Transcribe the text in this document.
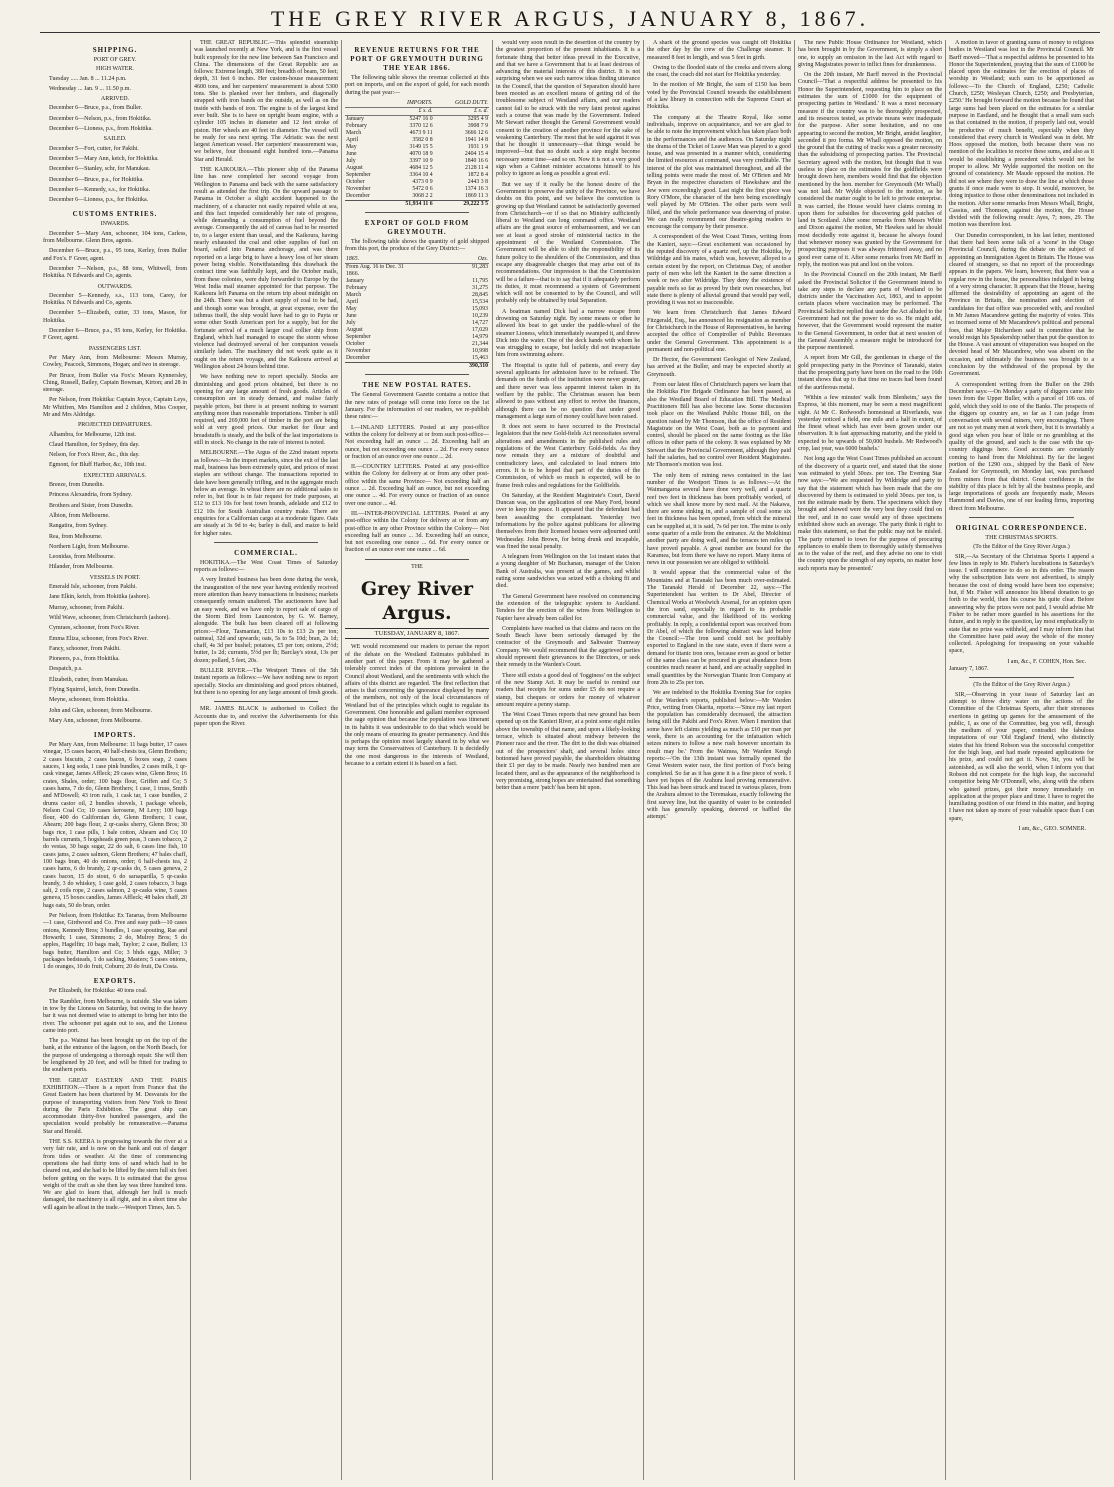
THE GREY RIVER ARGUS, JANUARY 8, 1867.
SHIPPING.
PORT OF GREY.
HIGH WATER.

Tuesday ..... Jan. 8 ... 11.24 p.m.

Wednesday ... Jan. 9 ... 11.50 p.m.

ARRIVED.

December 6—Bruce, p.s., from Buller.

December 6—Nelson, p.s., from Hokitika.

December 6—Lioness, p.s., from Hokitika.

SAILED.

December 5—Fort, cutter, for Pakihi.

December 5—Mary Ann, ketch, for Hokitika.

December 6—Stanley, schr, for Manukau.

December 6—Bruce, p.s., for Hokitika.

December 6—Kennedy, s.s., for Hokitika.

December 6—Lioness, p.s., for Hokitika.

CUSTOMS ENTRIES.
INWARDS.

December 5—Mary Ann, schooner, 104 tons, Carless, from Melbourne. Glenn Bros, agents.

December 6—Bruce, p.s., 95 tons, Kerley, from Buller and Fox's. F Greer, agent.

December 7—Nelson, p.s., 88 tons, Whitwell, from Hokitika. N Edwards and Co, agents.

OUTWARDS.

December 5—Kennedy, s.s., 113 tons, Carey, for Hokitika. N Edwards and Co, agents.

December 5—Elizabeth, cutter, 33 tons, Mason, for Hokitika.

December 6—Bruce, p.s., 95 tons, Kerley, for Hokitika. F Greer, agent.

PASSENGERS LIST.

Per Mary Ann, from Melbourne: Messrs Murray, Cowley, Peacock, Simmons, Hogan; and two in steerage.

Per Bruce, from Buller via Fox's: Messrs Kynnersley, Ching, Russell, Bailey, Captain Bowman, Kirton; and 28 in steerage.

Per Nelson, from Hokitika: Captain Joyce, Captain Leys, Mr Whitfren, Mrs Hamilton and 2 children, Miss Cooper, Mr and Mrs Aldridge.

PROJECTED DEPARTURES.

Alhambra, for Melbourne, 12th inst.

Claud Hamilton, for Sydney, this day.

Nelson, for Fox's River, &c., this day.

Egmont, for Bluff Harbor, &c, 10th inst.

EXPECTED ARRIVALS.

Breeze, from Dunedin.

Princess Alexandria, from Sydney.

Brothers and Sister, from Dunedin.

Albion, from Melbourne.

Rangatira, from Sydney.

Rea, from Melbourne.

Northern Light, from Melbourne.

Leonidas, from Melbourne.

Hilander, from Melbourne.

VESSELS IN PORT.

Emerald Isle, schooner, from Pakihi.

Jane Elkin, ketch, from Hokitika (ashore).

Murray, schooner, from Pakihi.

Wild Wave, schooner, from Christchurch (ashore).

Cymraes, schooner, from Fox's River.

Emma Eliza, schooner, from Fox's River.

Fancy, schooner, from Pakihi.

Pioneers, p.s., from Hokitika.

Despatch, p.s.

Elizabeth, cutter, from Manukau.

Flying Squirrel, ketch, from Dunedin.

Meyne, schooner, from Hokitika.

John and Glen, schooner, from Melbourne.

Mary Ann, schooner, from Melbourne.

IMPORTS.

Per Mary Ann, from Melbourne: 11 bags butter, 17 cases vinegar, 15 cases bacon, 40 half-chests tea, Glenn Brothers; 2 cases biscuits, 2 cases bacon, 6 boxes soap, 2 cases sauces, 1 keg soda, 1 case pink bundles, 2 cases milk, 1 qr-cask vinegar, James Affleck; 29 cases wine, Glenn Bros; 16 crates, Shales, order; 100 bags flour, Griffen and Co; 5 cases hams, 7 do do, Glenn Brothers; 1 case, 1 truss, Smith and M'Dowell; 43 iron rails, 1 cask tar, 1 case bundles, 2 drums castor oil, 2 bundles shovels, 1 package wheels, Nelson Coal Co; 10 cases kerosene, M Levy; 100 bags flour, 400 do Californian do, Glenn Brothers; 1 case, Ahearn; 200 bags flour, 2 qr-casks sherry, Glenn Bros; 30 bags rice, 1 case pills, 1 bale cotton, Ahearn and Co; 10 barrels currants, 5 hogsheads green peas, 3 cases tobacco, 2 do vestas, 30 bags sugar, 22 do salt, 6 cases line fish, 10 cases jams, 2 cases salmon, Glenn Brothers; 47 bales chaff, 100 bags bran, 40 do onions, order; 6 half-chests tea, 2 cases hams, 6 do brandy, 2 qr-casks do, 5 cases geneva, 2 cases bacon, 15 do stout, 6 do sarsaparilla, 5 qr-casks brandy, 3 do whiskey, 1 case gold, 2 cases tobacco, 3 bags salt, 2 coils rope, 2 cases salmon, 2 qr-casks wine, 5 cases geneva, 15 boxes candles, James Affleck; 48 bales chaff, 20 bags oats, 50 do bran, order.

Per Nelson, from Hokitika: Ex Tararua, from Melbourne—1 case, Girdwood and Co. Free and easy path—10 cases onions, Kennedy Bros; 3 bundles, 1 case spouting, Rae and Howarth; 1 case, Simmons; 2 do, Mulroy Bros; 5 do apples, Hagelfin; 10 bags malt, Taylor; 2 case, Bullen; 13 bags butter, Hamilton and Co; 3 bhds eggs, Miller; 3 packages bedsteads, 1 do sacking, Masters; 5 cases onions, 1 do oranges, 10 do fruit, Coburn; 20 do fruit, Da Costa.

EXPORTS.

Per Elizabeth, for Hokitika: 40 tons coal.

The Rambler, from Melbourne, is outside. She was taken in tow by the Lioness on Saturday, but owing to the heavy bar it was not deemed wise to attempt to bring her into the river. The schooner put again out to sea, and the Lioness came into port.

The p.s. Wainui has been brought up on the top of the bank, at the entrance of the lagoon, on the North Beach, for the purpose of undergoing a thorough repair. She will then be lengthened by 20 feet, and will be fitted for trading to the southern ports.

THE GREAT EASTERN AND THE PARIS EXHIBITION.—There is a report from France that the Great Eastern has been chartered by M. Desvarais for the purpose of transporting visitors from New York to Brest during the Paris Exhibition. The great ship can accommodate thirty-five hundred passengers, and the speculation would probably be remunerative.—Panama Star and Herald.

THE S.S. KEERA is progressing towards the river at a very fair rate, and is now on the bank and out of danger from tides or weather. At the time of commencing operations she had thirty tons of sand which had to be cleared out, and she had to be lifted by the stern full six feet before getting on the ways. It is estimated that the gross weight of the craft as she then lay was three hundred tons. We are glad to learn that, although her hull is much damaged, the machinery is all right, and in a short time she will again be afloat in the trade.—Westport Times, Jan. 5.

THE GREAT REPUBLIC.—This splendid steamship was launched recently at New York, and is the first vessel built expressly for the new line between San Francisco and China. The dimensions of the Great Republic are as follows: Extreme length, 380 feet; breadth of beam, 50 feet; depth, 31 feet 6 inches. Her custom-house measurement 4600 tons, and her carpenters' measurement is about 5300 tons. She is planked over her timbers, and diagonally strapped with iron bands on the outside, as well as on the inside with bands of iron. The engine is of the largest kind ever built. She is to have on upright beam engine, with a cylinder 105 inches in diameter and 12 feet stroke of piston. Her wheels are 40 feet in diameter. The vessel will be ready for sea next spring. The Adriatic was the next largest American vessel. Her carpenters' measurement was, we believe, four thousand eight hundred tons.—Panama Star and Herald.

THE KAIKOURA.—This pioneer ship of the Panama line has now completed her second voyage from Wellington to Panama and back with the same satisfactory result as attended the first trip. On the upward passage to Panama in October a slight accident happened to the machinery, of a character not easily repaired while at sea, and this fact impeded considerably her rate of progress, while demanding a consumption of fuel beyond the average. Consequently the aid of canvas had to be resorted to, to a larger extent than usual, and the Kaikoura, having nearly exhausted the coal and other supplies of fuel on board, sailed into Panama anchorage, and was there reported on a large brig to have a heavy loss of her steam power being visible. Notwithstanding this drawback the contract time was faithfully kept, and the October mails, from these colonies, were duly forwarded to Europe by the West India mail steamer appointed for that purpose. The Kaikoura left Panama on the return trip about midnight on the 24th. There was but a short supply of coal to be had, and though some was brought, at great expense, over the isthmus itself, the ship would have had to go to Payta or some other South American port for a supply, but for the fortunate arrival of a much larger coal collier ship from England, which had managed to escape the storm whose violence had destroyed several of her companion vessels similarly laden. The machinery did not work quite as it ought on the return voyage, and the Kaikoura arrived at Wellington about 24 hours behind time.

We have nothing new to report specially. Stocks are diminishing and good prices obtained, but there is no opening for any large amount of fresh goods. Articles of consumption are in steady demand, and realise fairly payable prices, but there is at present nothing to warrant anything more than reasonable importations. Timber is still required, and 269,000 feet of timber in the port are being sold at very good prices. Our market for flour and breadstuffs is steady, and the bulk of the last importations is still in stock. No change in the rate of interest is noted.

MELBOURNE.—The Argus of the 22nd instant reports as follows:—In the import markets, since the exit of the last mail, business has been extremely quiet, and prices of most staples are without change. The transactions reported to date have been generally trifling, and in the aggregate much below an average. In wheat there are no additional sales to refer to, but flour is in fair request for trade purposes, at £12 to £13 10s for best town brands, adelaide and £12 to £12 10s for South Australian country make. There are enquiries for a Californian cargo at a moderate figure. Oats are steady at 3s 9d to 4s; barley is dull, and maize is held for higher rates.

COMMERCIAL.

HOKITIKA.—The West Coast Times of Saturday reports as follows:—

A very limited business has been done during the week, the inauguration of the new year having evidently received more attention than heavy transactions in business; markets consequently remain unaltered. The auctioneers have had an easy week, and we have only to report sale of cargo of the Storm Bird from Launceston, by G. W. Barney, alongside. The bulk has been cleared off at following prices:—Flour, Tasmanian, £13 10s to £13 2s per ton; oatmeal, 32d and upwards; oats, 5s to 5s 10d; bran, 2s 1d; chaff, 4s 3d per bushel; potatoes, £5 per ton; onions, 2½d; butter, 1s 2d; currants, 5½d per lb; Barclay's stout, 13s per dozen; pollard, 5 feet, 20s.

BULLER RIVER.—The Westport Times of the 5th instant reports as follows:—We have nothing new to report specially. Stocks are diminishing and good prices obtained, but there is no opening for any large amount of fresh goods.

MR. JAMES BLACK is authorised to Collect the Accounts due to, and receive the Advertisements for this paper upon the River.

REVENUE RETURNS FOR THE PORT OF GREYMOUTH DURING THE YEAR 1866.

The following table shows the revenue collected at this port on imports, and on the export of gold, for each month during the past year:—

	IMPORTS.	GOLD DUTY.
	£ s. d.	£ s. d.
January	5247 16 0	3295 4 9
February	3370 12 6	3908 7 9
March	4673 9 11	3666 12 6
April	3582 0 8	1941 14 8
May	3149 15 5	1931 1 9
June	4070 18 9	2404 15 4
July	3397 10 9	1840 16 6
August	4684 12 5	2128 11 4
September	3364 10 4	1872 8 4
October	4373 0 9	2443 3 8
November	5472 0 6	1374 16 3
December	3068 2 2	1869 11 3
	51,934 11 6	29,222 3 5
EXPORT OF GOLD FROM GREYMOUTH.

The following table shows the quantity of gold shipped from this port, the produce of the Grey District:—

1865.	Ozs.
From Aug. 16 to Dec. 31	91,283
1866.	
January	11,795
February	31,275
March	28,845
April	15,534
May	15,093
June	10,239
July	14,727
August	17,029
September	14,979
October	21,344
November	10,998
December	15,463
	390,310
THE NEW POSTAL RATES.

The General Government Gazette contains a notice that the new rates of postage will come into force on the 1st January. For the information of our readers, we re-publish these rates:—

I.—INLAND LETTERS. Posted at any post-office within the colony for delivery at or from such post-office— Not exceeding half an ounce ... 2d. Exceeding half an ounce, but not exceeding one ounce ... 2d. For every ounce or fraction of an ounce over one ounce ... 2d.

II.—COUNTRY LETTERS. Posted at any post-office within the Colony for delivery at or from any other post-office within the same Province— Not exceeding half an ounce ... 2d. Exceeding half an ounce, but not exceeding one ounce ... 4d. For every ounce or fraction of an ounce over one ounce ... 4d.

III.—INTER-PROVINCIAL LETTERS. Posted at any post-office within the Colony for delivery at or from any post-office in any other Province within the Colony— Not exceeding half an ounce ... 3d. Exceeding half an ounce, but not exceeding one ounce ... 6d. For every ounce or fraction of an ounce over one ounce ... 6d.

THE
Grey River Argus.
TUESDAY, JANUARY 8, 1867.

WE would recommend our readers to peruse the report of the debate on the Westland Estimates published in another part of this paper. From it may be gathered a tolerably correct index of the opinions prevalent in the Council about Westland, and the sentiments with which the affairs of this district are regarded. The first reflection that arises is that concerning the ignorance displayed by many of the members, not only of the local circumstances of Westland but of the principles which ought to regulate its Government. One honorable and gallant member expressed the sage opinion that because the population was itinerant in its habits it was undesirable to do that which would be the only means of ensuring its greater permanency. And this is perhaps the opinion most largely shared in by what we may term the Conservatives of Canterbury. It is decidedly the one most dangerous to the interests of Westland, because to a certain extent it is based on a fact.

would very soon result in the desertion of the country by the greatest proportion of the present inhabitants. It is a fortunate thing that better ideas prevail in the Executive, and that we have a Government that is at least desirous of advancing the material interests of this district. It is not surprising when we see such narrow ideas finding utterance in the Council, that the question of Separation should have been mooted as an excellent means of getting rid of the troublesome subject of Westland affairs, and our readers cannot fail to be struck with the very faint protest against such a course that was made by the Government. Indeed Mr Stewart rather thought the General Government would consent to the creation of another province for the sake of weakening Canterbury. The most that he said against it was that he thought it unnecessary—that things would be improved—but that no doubt such a step might become necessary some time—and so on. Now it is not a very good sign when a Cabinet minister accustoms himself to his policy to ignore as long as possible a great evil.

But we say if it really be the honest desire of the Government to preserve the unity of the Province, we have doubts on this point, and we believe the conviction is growing up that Westland cannot be satisfactorily governed from Christchurch—or if so that no Ministry sufficiently liberal to Westland can long command office. Westland affairs are the great source of embarrassment, and we can see at least a good stroke of ministerial tactics in the appointment of the Westland Commission. The Government will be able to shift the responsibility of its future policy to the shoulders of the Commission, and thus escape any disagreeable charges that may arise out of its recommendations. Our impression is that the Commission will be a failure—that is to say that if it adequately perform its duties, it must recommend a system of Government which will not be consented to by the Council, and will probably only be obtained by total Separation.

A boatman named Dick had a narrow escape from drowning on Saturday night. By some means or other he allowed his boat to get under the paddle-wheel of the steamer Lioness, which immediately swamped it, and threw Dick into the water. One of the deck hands with whom he was struggling to escape, but luckily did not incapacitate him from swimming ashore.

The Hospital is quite full of patients, and every day several applicants for admission have to be refused. The demands on the funds of the institution were never greater, and there never was less apparent interest taken in its welfare by the public. The Christmas season has been allowed to pass without any effort to revive the finances, although there can be no question that under good management a large sum of money could have been raised.

It does not seem to have occurred to the Provincial legislators that the new Gold-fields Act necessitates several alterations and amendments in the published rules and regulations of the West Canterbury Gold-fields. As they now remain they are a mixture of doubtful and contradictory laws, and calculated to lead miners into errors. It is to be hoped that part of the duties of the Commission, of which so much is expected, will be to frame fresh rules and regulations for the Goldfields.

On Saturday, at the Resident Magistrate's Court, David Duncan was, on the application of one Mary Ford, bound over to keep the peace. It appeared that the defendant had been assaulting the complainant. Yesterday two informations by the police against publicans for allowing themselves from their licensed houses were adjourned until Wednesday. John Brown, for being drunk and incapable, was fined the usual penalty.

A telegram from Wellington on the 1st instant states that a young daughter of Mr Buchanan, manager of the Union Bank of Australia, was present at the games, and whilst eating some sandwiches was seized with a choking fit and died.

The General Government have resolved on commencing the extension of the telegraphic system to Auckland. Tenders for the erection of the wires from Wellington to Napier have already been called for.

Complaints have reached us that claims and races on the South Beach have been seriously damaged by the contractor of the Greymouth and Saltwater Tramway Company. We would recommend that the aggrieved parties should represent their grievances to the Directors, or seek their remedy in the Warden's Court.

There still exists a good deal of 'fogginess' on the subject of the new Stamp Act. It may be useful to remind our readers that receipts for sums under £5 do not require a stamp, but cheques or orders for money of whatever amount require a penny stamp.

The West Coast Times reports that new ground has been opened up on the Kanieri River, at a point some eight miles above the township of that name, and upon a likely-looking terrace, which is situated about midway between the Pioneer race and the river. The dirt to the dish was obtained out of the prospectors' shaft, and several holes since bottomed have proved payable, the shareholders obtaining their £1 per day to be made. Nearly two hundred men are located there, and as the appearance of the neighborhood is very promising, strong hopes are entertained that something better than a mere 'patch' has been hit upon.

A shark of the ground species was caught off Hokitika the other day by the crew of the Challenge steamer. It measured 8 feet in length, and was 5 feet in girth.

Owing to the flooded state of the creeks and rivers along the coast, the coach did not start for Hokitika yesterday.

In the motion of Mr Bright, the sum of £150 has been voted by the Provincial Council towards the establishment of a law library in connection with the Supreme Court at Hokitika.

The company at the Theatre Royal, like some individuals, improve on acquaintance, and we are glad to be able to note the improvement which has taken place both in the performances and the audiences. On Saturday night the drama of the Ticket of Leave Man was played to a good house, and was presented in a manner which, considering the limited resources at command, was very creditable. The interest of the plot was maintained throughout, and all the telling points were made the most of. Mr O'Brien and Mr Bryan in the respective characters of Hawkshaw and the Jew were exceedingly good. Last night the first piece was Rory O'More, the character of the hero being exceedingly well played by Mr O'Brien. The other parts were well filled, and the whole performance was deserving of praise. We can really recommend our theatre-going readers to encourage the company by their presence.

A correspondent of the West Coast Times, writing from the Kanieri, says:—Great excitement was occasioned by the reputed discovery of a quartz reef, up the Hokitika, by Wildridge and his mates, which was, however, alloyed to a certain extent by the report, on Christmas Day, of another party of men who left the Kanieri in the same direction a week or two after Wildridge. They deny the existence of payable reefs so far as proved by their own researches, but state there is plenty of alluvial ground that would pay well, providing it was not so inaccessible.

We learn from Christchurch that James Edward Fitzgerald, Esq., has announced his resignation as member for Christchurch in the House of Representatives, he having accepted the office of Comptroller of Public Revenues under the General Government. This appointment is a permanent and non-political one.

Dr Hector, the Government Geologist of New Zealand, has arrived at the Buller, and may be expected shortly at Greymouth.

From our latest files of Christchurch papers we learn that the Hokitika Fire Brigade Ordinance has been passed, as also the Westland Board of Education Bill. The Medical Practitioners Bill has also become law. Some discussion took place on the Westland Public House Bill, on the question raised by Mr Thomson, that the office of Resident Magistrate on the West Coast, both as to payment and control, should be placed on the same footing as the like offices in other parts of the colony. It was explained by Mr Stewart that the Provincial Government, although they paid half the salaries, had no control over Resident Magistrates. Mr Thomson's motion was lost.

The only item of mining news contained in the last number of the Westport Times is as follows:—At the Waimangaroa several have done very well, and a quartz reef two feet in thickness has been profitably worked, of which we shall know more by next mail. At the Nakawa, there are some sinking in, and a sample of coal some six feet in thickness has been opened, from which the mineral can be supplied at, it is said, 7s 6d per ton. The mine is only some quarter of a mile from the entrance. At the Mokihinui another party are doing well, and the terraces ten miles up have proved payable. A great number are bound for the Karamea, but from there we have no report. Many items of news in our possession we are obliged to withhold.

It would appear that the commercial value of the Mountains and at Taranaki has been much over-estimated. The Taranaki Herald of December 22, says:—The Superintendent has written to Dr Abel, Director of Chemical Works at Woolwich Arsenal, for an opinion upon the iron sand, especially in regard to its probable commercial value, and the likelihood of its working profitably. In reply, a confidential report was received from Dr Abel, of which the following abstract was laid before the Council:—The iron sand could not be profitably exported to England in the raw state, even if there were a demand for titanic iron ores, because even as good or better of the same class can be procured in great abundance from countries much nearer at hand, and are actually supplied in small quantities by the Norwegian Titanic Iron Company at from 20s to 25s per ton.

We are indebted to the Hokitika Evening Star for copies of the Warden's reports, published below:—Mr Warden Price, writing from Okarita, reports:—'Since my last report the population has considerably decreased, the attraction being still the Pakihi and Fox's River. When I mention that some have left claims yielding as much as £10 per man per week, there is an accounting for the infatuation which seizes miners to follow a new rush however uncertain its result may be.' From the Waimea, Mr Warden Keogh reports:—'On the 13th instant was formally opened the Great Western water race, the first portion of Fox's being completed. So far as it has gone it is a fine piece of work. I have yet hopes of the Arahura lead proving remunerative. This lead has been struck and traced in various places, from the Arahura almost to the Teremakau, exactly following the first survey line, but the quantity of water to be contended with has generally speaking, deterred or baffled the attempt.'

The new Public House Ordinance for Westland, which has been brought in by the Government, is simply a short one, to supply an omission in the last Act with regard to giving Magistrates power to inflict fines for drunkenness.

On the 20th instant, Mr Barff moved in the Provincial Council—'That a respectful address be presented to his Honor the Superintendent, requesting him to place on the estimates the sum of £1000 for the equipment of prospecting parties in Westland.' It was a most necessary measure if the country was to be thoroughly prospected, and its resources tested, as private means were inadequate for the purpose. After some hesitation, and no one appearing to second the motion, Mr Bright, amidst laughter, seconded it pro forma. Mr Whall opposed the motion, on the ground that the cutting of tracks was a greater necessity than the subsidising of prospecting parties. The Provincial Secretary agreed with the motion, but thought that it was useless to place on the estimates for the goldfields were brought down here, members would find that the objection mentioned by the hon. member for Greymouth (Mr Whall) was not laid. Mr Wylde objected to the motion, as he considered the matter ought to be left to private enterprise. It was carried, the House would have claims coming in upon them for subsidies for discovering gold patches of land in Scotland. After some remarks from Messrs White and Dixon against the motion, Mr Hawkes said he should most decidedly vote against it, because he always found that whenever money was granted by the Government for prospecting purposes it was always frittered away, and no good ever came of it. After some remarks from Mr Barff in reply, the motion was put and lost on the voices.

In the Provincial Council on the 20th instant, Mr Barff asked the Provincial Solicitor if the Government intend to take any steps to declare any parts of Westland to be districts under the Vaccination Act, 1863, and to appoint certain places where vaccination may be performed. The Provincial Solicitor replied that under the Act alluded to the Government had not the power to do so. He might add, however, that the Government would represent the matter to the General Government, in order that at next session of the General Assembly a measure might be introduced for the purpose mentioned.

A report from Mr Gill, the gentleman in charge of the gold prospecting party in the Province of Taranaki, states that the prospecting party have been on the road to the 16th instant shows that up to that time no traces had been found of the auriferous metal.

'Within a few minutes' walk from Blenheim,' says the Express, 'at this moment, may be seen a most magnificent sight. At Mr C. Redwood's homestead at Riverlands, was yesterday noticed a field, one mile and a half in extent, of the finest wheat which has ever been grown under our observation. It is fast approaching maturity, and the yield is expected to be upwards of 50,000 bushels. Mr Redwood's crop, last year, was 6000 bushels.'

Not long ago the West Coast Times published an account of the discovery of a quartz reef, and stated that the stone was estimated to yield 30ozs. per ton. The Evening Star now says:—'We are requested by Wildridge and party to say that the statement which has been made that the ore discovered by them is estimated to yield 30ozs. per ton, is not the estimate made by them. The specimens which they brought and showed were the very best they could find on the reef, and in no case would any of those specimens exhibited show such an average. The party think it right to make this statement, so that the public may not be misled. The party returned to town for the purpose of procuring appliances to enable them to thoroughly satisfy themselves as to the value of the reef, and they advise no one to visit the country upon the strength of any reports, no matter how such reports may be presented.'

A motion in favor of granting sums of money to religious bodies in Westland was lost in the Provincial Council. Mr Barff moved—'That a respectful address be presented to his Honor the Superintendent, praying that the sum of £1000 be placed upon the estimates for the erection of places of worship in Westland; such sum to be apportioned as follows:—To the Church of England, £250; Catholic Church, £250; Wesleyan Church, £250; and Presbyterian, £250.' He brought forward the motion because he found that large sums had been placed on the estimates for a similar purpose in Eastland, and he thought that a small sum such as that contained in the motion, if properly laid out, would be productive of much benefit, especially when they considered that every church in Westland was in debt. Mr Hoos opposed the motion, both because there was no mention of the localities to receive these sums, and also as it would be establishing a precedent which would not be proper to allow. Mr Wylde supported the motion on the ground of consistency. Mr Maude opposed the motion. He did not see where they were to draw the line at which those grants if once made were to stop. It would, moreover, be doing injustice to those other denominations not included in the motion. After some remarks from Messrs Whall, Bright, Cassius, and Thomson, against the motion, the House divided with the following result: Ayes, 7; noes, 29. The motion was therefore lost.

Our Dunedin correspondent, in his last letter, mentioned that there had been some talk of a 'scene' in the Otago Provincial Council, during the debate on the subject of appointing an Immigration Agent in Britain. The House was cleared of strangers, so that no report of the proceedings appears in the papers. We learn, however, that there was a regular row in the house, the personalities indulged in being of a very strong character. It appears that the House, having affirmed the desirability of appointing an agent of the Province in Britain, the nomination and election of candidates for that office was proceeded with, and resulted in Mr James Macandrew getting the majority of votes. This so incensed some of Mr Macandrew's political and personal foes, that Major Richardson said in committee that he would resign his Speakership rather than put the question to the House. A vast amount of vituperation was heaped on the devoted head of Mr Macandrew, who was absent on the occasion, and ultimately the business was brought to a conclusion by the withdrawal of the proposal by the Government.

A correspondent writing from the Buller on the 29th December says:—On Monday a party of diggers came into town from the Upper Buller, with a parcel of 106 ozs. of gold, which they sold to one of the Banks. The prospects of the diggers up country are, so far as I can judge from conversation with several miners, very encouraging. There are not so yet many men at work there, but it is invariably a good sign when you hear of little or no grumbling at the quality of the ground, and such is the case with the up-country diggings here. Good accounts are constantly coming to hand from the Mokihinui. By far the largest portion of the 1290 ozs., shipped by the Bank of New Zealand for Greymouth, on Monday last, was purchased from miners from that district. Great confidence in the stability of this place is felt by all the business people, and large importations of goods are frequently made, Messrs Hammond and Davies, one of our leading firms, importing direct from Melbourne.

ORIGINAL CORRESPONDENCE.
THE CHRISTMAS SPORTS.
(To the Editor of the Grey River Argus.)

SIR,—As Secretary of the Christmas Sports I append a few lines in reply to Mr. Fisher's lucubrations in Saturday's issue. I will commence to do so in this order. The reason why the subscription lists were not advertised, is simply because the cost of doing would have been too expensive; but, if Mr. Fisher will announce his liberal donation to go forth to the world, then his course his quite clear. Before answering why the prizes were not paid, I would advise Mr Fisher to be rather more guarded in his assertions for the future, and in reply to the question, lay most emphatically to state that no prize was withheld, and I may inform him that the Committee have paid away the whole of the money collected. Apologising for trespassing on your valuable space,

I am, &c., F. COHEN, Hon. Sec.
January 7, 1867.
(To the Editor of the Grey River Argus.)

SIR,—Observing in your issue of Saturday last an attempt to throw dirty water on the actions of the Committee of the Christmas Sports, after their strenuous exertions in getting up games for the amusement of the public, I, as one of the Committee, beg you will, through the medium of your paper, contradict the fabulous imputations of our 'Old England' friend, who distinctly states that his friend Robson was the successful competitor for the high leap, and had made repeated applications for his prize, and could not get it. Now, Sir, you will be astonished, as will also the world, when I inform you that Robson did not compete for the high leap, the successful competitor being Mr O'Donnell, who, along with the others who gained prizes, got their money immediately on application at the proper place and time. I have to regret the humiliating position of our friend in this matter, and hoping I have not taken up more of your valuable space than I can spare,

I am, &c., GEO. SOMNER.
